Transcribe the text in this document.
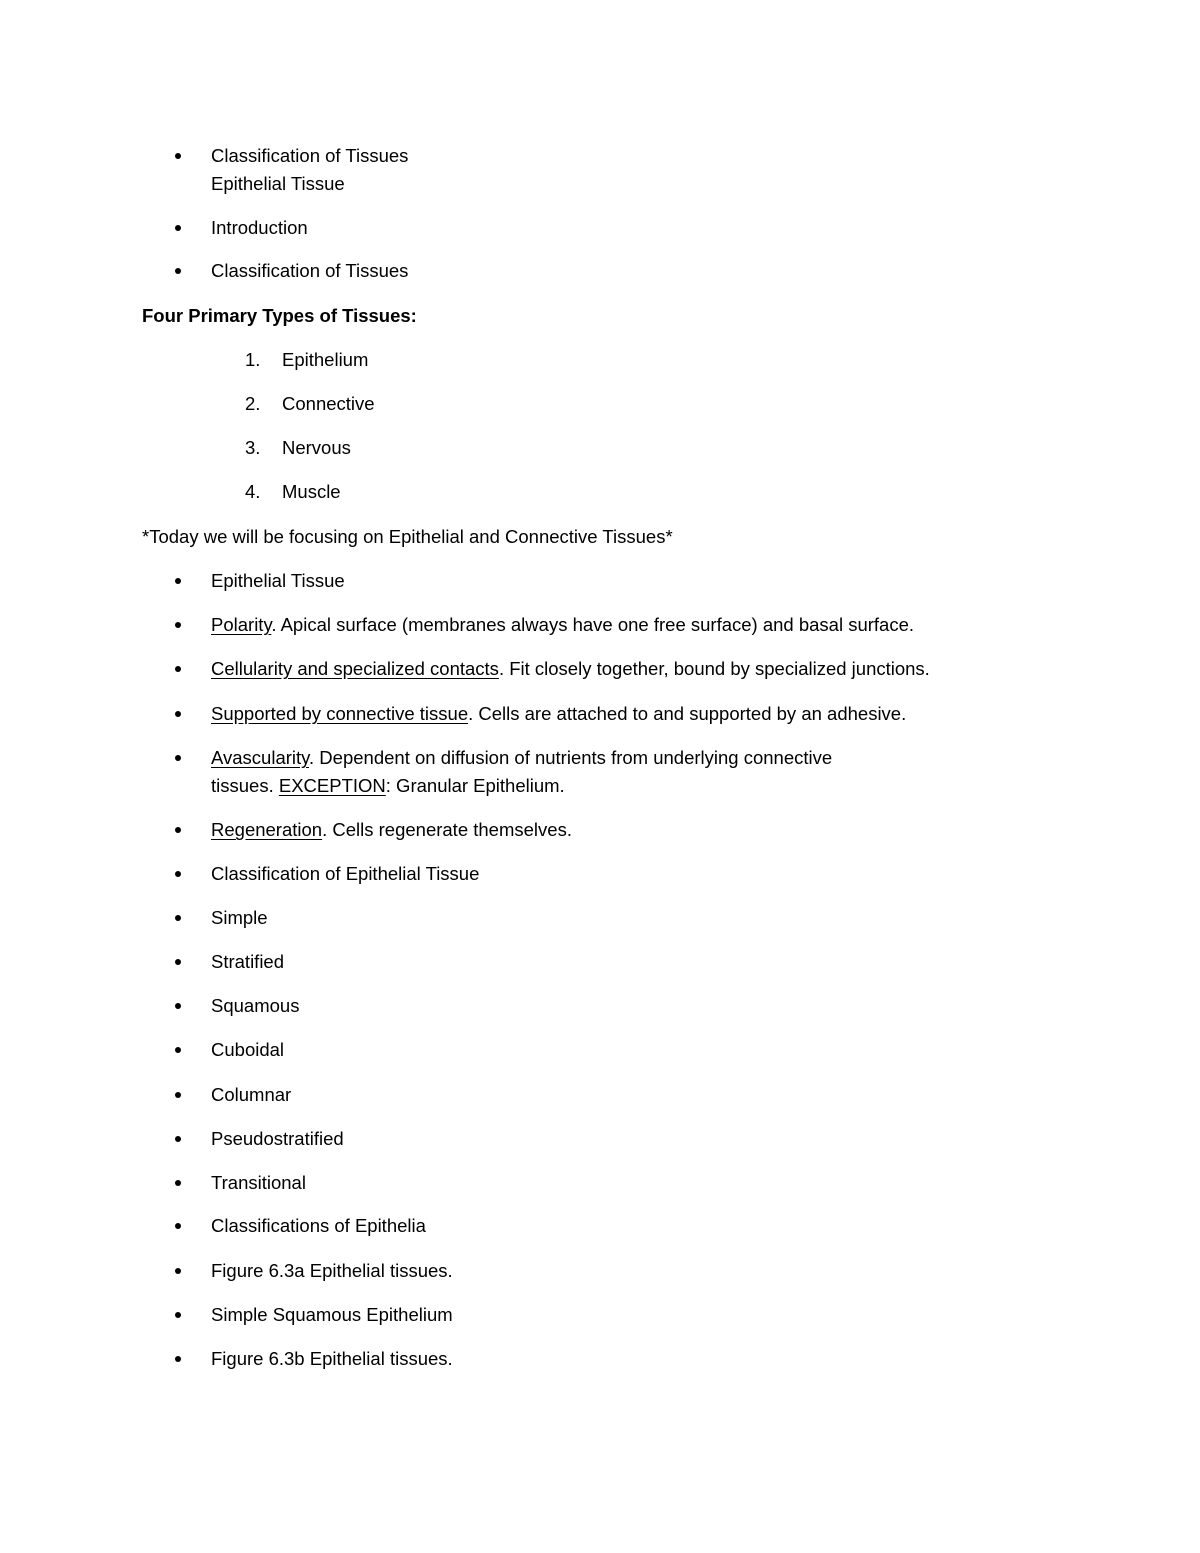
Classification of Tissues
Epithelial Tissue
Introduction
Classification of Tissues
Four Primary Types of Tissues:
1. Epithelium
2. Connective
3. Nervous
4. Muscle
*Today we will be focusing on Epithelial and Connective Tissues*
Epithelial Tissue
Polarity. Apical surface (membranes always have one free surface) and basal surface.
Cellularity and specialized contacts. Fit closely together, bound by specialized junctions.
Supported by connective tissue. Cells are attached to and supported by an adhesive.
Avascularity. Dependent on diffusion of nutrients from underlying connective
tissues. EXCEPTION: Granular Epithelium.
Regeneration. Cells regenerate themselves.
Classification of Epithelial Tissue
Simple
Stratified
Squamous
Cuboidal
Columnar
Pseudostratified
Transitional
Classifications of Epithelia
Figure 6.3a Epithelial tissues.
Simple Squamous Epithelium
Figure 6.3b Epithelial tissues.
